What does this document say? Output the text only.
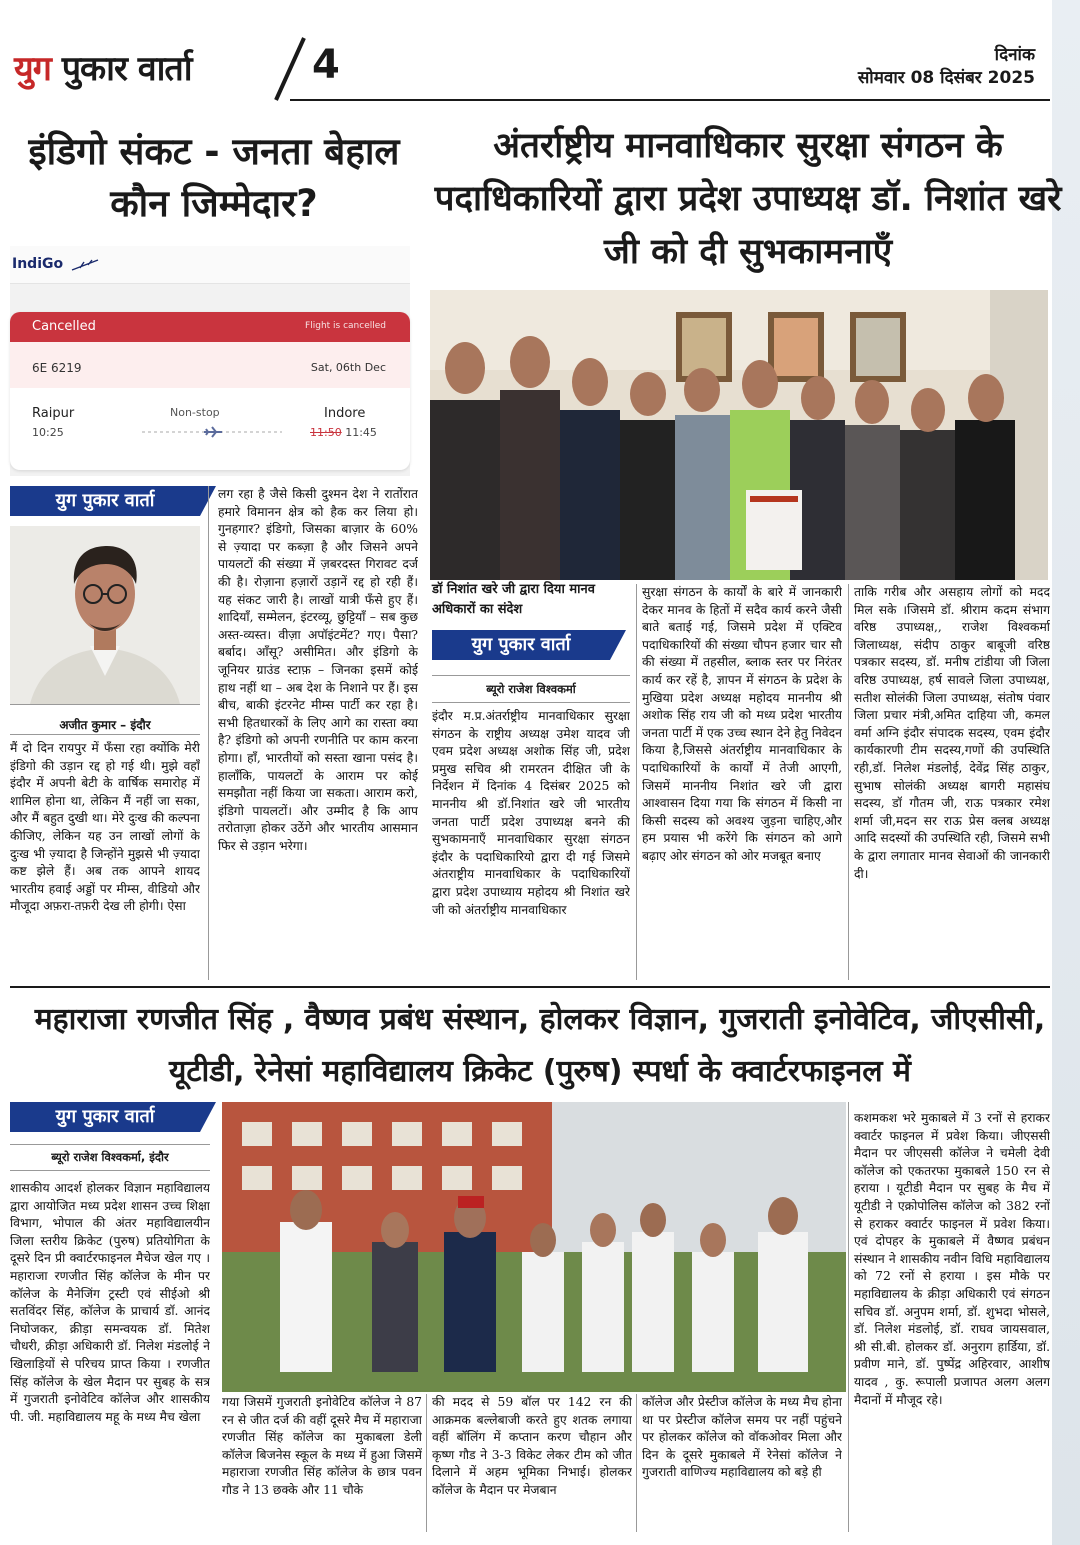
युग पुकार वार्ता	4	दिनांक
सोमवार 08 दिसंबर 2025
इंडिगो संकट - जनता बेहाल कौन जिम्मेदार?
अंतर्राष्ट्रीय मानवाधिकार सुरक्षा संगठन के पदाधिकारियों द्वारा प्रदेश उपाध्यक्ष डॉ. निशांत खरे जी को दी सुभकामनाएँ
IndiGo
Cancelled	Flight is cancelled
6E 6219	Sat, 06th Dec
Raipur
10:25
Non-stop	Indore
11:50 11:45
युग पुकार वार्ता
अजीत कुमार – इंदौर
मैं दो दिन रायपुर में फँसा रहा क्योंकि मेरी इंडिगो की उड़ान रद्द हो गई थी। मुझे वहाँ इंदौर में अपनी बेटी के वार्षिक समारोह में शामिल होना था, लेकिन मैं नहीं जा सका, और मैं बहुत दुखी था। मेरे दुःख की कल्पना कीजिए, लेकिन यह उन लाखों लोगों के दुःख भी ज़्यादा है जिन्होंने मुझसे भी ज़्यादा कष्ट झेले हैं। अब तक आपने शायद भारतीय हवाई अड्डों पर मीम्स, वीडियो और मौजूदा अफ़रा-तफ़री देख ली होगी। ऐसा
लग रहा है जैसे किसी दुश्मन देश ने रातोंरात हमारे विमानन क्षेत्र को हैक कर लिया हो। गुनहगार? इंडिगो, जिसका बाज़ार के 60% से ज़्यादा पर कब्ज़ा है और जिसने अपने पायलटों की संख्या में ज़बरदस्त गिरावट दर्ज की है। रोज़ाना हज़ारों उड़ानें रद्द हो रही हैं। यह संकट जारी है। लाखों यात्री फँसे हुए हैं। शादियाँ, सम्मेलन, इंटरव्यू, छुट्टियाँ – सब कुछ अस्त-व्यस्त। वीज़ा अपॉइंटमेंट? गए। पैसा? बर्बाद। आँसू? असीमित। और इंडिगो के जूनियर ग्राउंड स्टाफ़ – जिनका इसमें कोई हाथ नहीं था – अब देश के निशाने पर हैं। इस बीच, बाकी इंटरनेट मीम्स पार्टी कर रहा है। सभी हितधारकों के लिए आगे का रास्ता क्या है? इंडिगो को अपनी रणनीति पर काम करना होगा। हाँ, भारतीयों को सस्ता खाना पसंद है। हालाँकि, पायलटों के आराम पर कोई समझौता नहीं किया जा सकता। आराम करो, इंडिगो पायलटों। और उम्मीद है कि आप तरोताज़ा होकर उठेंगे और भारतीय आसमान फिर से उड़ान भरेगा।
डॉ निशांत खरे जी द्वारा दिया मानव अधिकारों का संदेश
युग पुकार वार्ता
ब्यूरो राजेश विश्वकर्मा
इंदौर म.प्र.अंतर्राष्ट्रीय मानवाधिकार सुरक्षा संगठन के राष्ट्रीय अध्यक्ष उमेश यादव जी एवम प्रदेश अध्यक्ष अशोक सिंह जी, प्रदेश प्रमुख सचिव श्री रामरतन दीक्षित जी के निर्देशन में दिनांक 4 दिसंबर 2025 को माननीय श्री डॉ.निशांत खरे जी भारतीय जनता पार्टी प्रदेश उपाध्यक्ष बनने की सुभकामनाएँ मानवाधिकार सुरक्षा संगठन इंदौर के पदाधिकारियो द्वारा दी गई जिसमे अंतराष्ट्रीय मानवाधिकार के पदाधिकारियों द्वारा प्रदेश उपाध्याय महोदय श्री निशांत खरे जी को अंतर्राष्ट्रीय मानवाधिकार
सुरक्षा संगठन के कार्यों के बारे में जानकारी देकर मानव के हितों में सदैव कार्य करने जैसी बाते बताई गई, जिसमे प्रदेश में एक्टिव पदाधिकारियों की संख्या चौपन हजार चार सौ की संख्या में तहसील, ब्लाक स्तर पर निरंतर कार्य कर रहें है, ज्ञापन में संगठन के प्रदेश के मुखिया प्रदेश अध्यक्ष महोदय माननीय श्री अशोक सिंह राय जी को मध्य प्रदेश भारतीय जनता पार्टी में एक उच्च स्थान देने हेतु निवेदन किया है,जिससे अंतर्राष्ट्रीय मानवाधिकार के पदाधिकारियों के कार्यों में तेजी आएगी, जिसमें माननीय निशांत खरे जी द्वारा आश्वासन दिया गया कि संगठन में किसी ना किसी सदस्य को अवश्य जुड़ना चाहिए,और हम प्रयास भी करेंगे कि संगठन को आगे बढ़ाए ओर संगठन को ओर मजबूत बनाए
ताकि गरीब और असहाय लोगों को मदद मिल सके ।जिसमे डॉ. श्रीराम कदम संभाग वरिष्ठ उपाध्यक्ष,, राजेश विश्वकर्मा जिलाध्यक्ष, संदीप ठाकुर बाबूजी वरिष्ठ पत्रकार सदस्य, डॉ. मनीष टांडीया जी जिला वरिष्ठ उपाध्यक्ष, हर्ष सावले जिला उपाध्यक्ष, सतीश सोलंकी जिला उपाध्यक्ष, संतोष पंवार जिला प्रचार मंत्री,अमित दाहिया जी, कमल वर्मा अग्नि इंदौर संपादक सदस्य, एवम इंदौर कार्यकारणी टीम सदस्य,गणों की उपस्थिति रही,डॉ. निलेश मंडलोई, देवेंद्र सिंह ठाकुर, सुभाष सोलंकी अध्यक्ष बागरी महासंघ सदस्य, डॉ गौतम जी, राऊ पत्रकार रमेश शर्मा जी,मदन सर राऊ प्रेस क्लब अध्यक्ष आदि सदस्यों की उपस्थिति रही, जिसमे सभी के द्वारा लगातार मानव सेवाओं की जानकारी दी।
महाराजा रणजीत सिंह , वैष्णव प्रबंध संस्थान, होलकर विज्ञान, गुजराती इनोवेटिव, जीएसीसी, यूटीडी, रेनेसां महाविद्यालय क्रिकेट (पुरुष) स्पर्धा के क्वार्टरफाइनल में
युग पुकार वार्ता
ब्यूरो राजेश विश्वकर्मा, इंदौर
शासकीय आदर्श होलकर विज्ञान महाविद्यालय द्वारा आयोजित मध्य प्रदेश शासन उच्च शिक्षा विभाग, भोपाल की अंतर महाविद्यालयीन जिला स्तरीय क्रिकेट (पुरुष) प्रतियोगिता के दूसरे दिन प्री क्वार्टरफाइनल मैचेज खेल गए । महाराजा रणजीत सिंह कॉलेज के मीन पर कॉलेज के मैनेजिंग ट्रस्टी एवं सीईओ श्री सतविंदर सिंह, कॉलेज के प्राचार्य डॉ. आनंद निघोजकर, क्रीड़ा समन्वयक डॉ. मितेश चौधरी, क्रीड़ा अधिकारी डॉ. निलेश मंडलोई ने खिलाड़ियों से परिचय प्राप्त किया । रणजीत सिंह कॉलेज के खेल मैदान पर सुबह के सत्र में गुजराती इनोवेटिव कॉलेज और शासकीय पी. जी. महाविद्यालय महू के मध्य मैच खेला
गया जिसमें गुजराती इनोवेटिव कॉलेज ने 87 रन से जीत दर्ज की वहीं दूसरे मैच में महाराजा रणजीत सिंह कॉलेज का मुकाबला डेली कॉलेज बिजनेस स्कूल के मध्य में हुआ जिसमें महाराजा रणजीत सिंह कॉलेज के छात्र पवन गौड ने 13 छक्के और 11 चौके
की मदद से 59 बॉल पर 142 रन की आक्रमक बल्लेबाजी करते हुए शतक लगाया वहीं बॉलिंग में कप्तान करण चौहान और कृष्ण गौड ने 3-3 विकेट लेकर टीम को जीत दिलाने में अहम भूमिका निभाई। होलकर कॉलेज के मैदान पर मेजबान
कॉलेज और प्रेस्टीज कॉलेज के मध्य मैच होना था पर प्रेस्टीज कॉलेज समय पर नहीं पहुंचने पर होलकर कॉलेज को वॉकओवर मिला और दिन के दूसरे मुकाबले में रेनेसां कॉलेज ने गुजराती वाणिज्य महाविद्यालय को बड़े ही
कशमकश भरे मुकाबले में 3 रनों से हराकर क्वार्टर फाइनल में प्रवेश किया। जीएससी मैदान पर जीएससी कॉलेज ने चमेली देवी कॉलेज को एकतरफा मुकाबले 150 रन से हराया । यूटीडी मैदान पर सुबह के मैच में यूटीडी ने एक्रोपोलिस कॉलेज को 382 रनों से हराकर क्वार्टर फाइनल में प्रवेश किया। एवं दोपहर के मुकाबले में वैष्णव प्रबंधन संस्थान ने शासकीय नवीन विधि महाविद्यालय को 72 रनों से हराया । इस मौके पर महाविद्यालय के क्रीड़ा अधिकारी एवं संगठन सचिव डॉ. अनुपम शर्मा, डॉ. शुभदा भोसले, डॉ. निलेश मंडलोई, डॉ. राघव जायसवाल, श्री सी.बी. होलकर डॉ. अनुराग हार्डिया, डॉ. प्रवीण माने, डॉ. पुष्पेंद्र अहिरवार, आशीष यादव , कु. रूपाली प्रजापत अलग अलग मैदानों में मौजूद रहे।
